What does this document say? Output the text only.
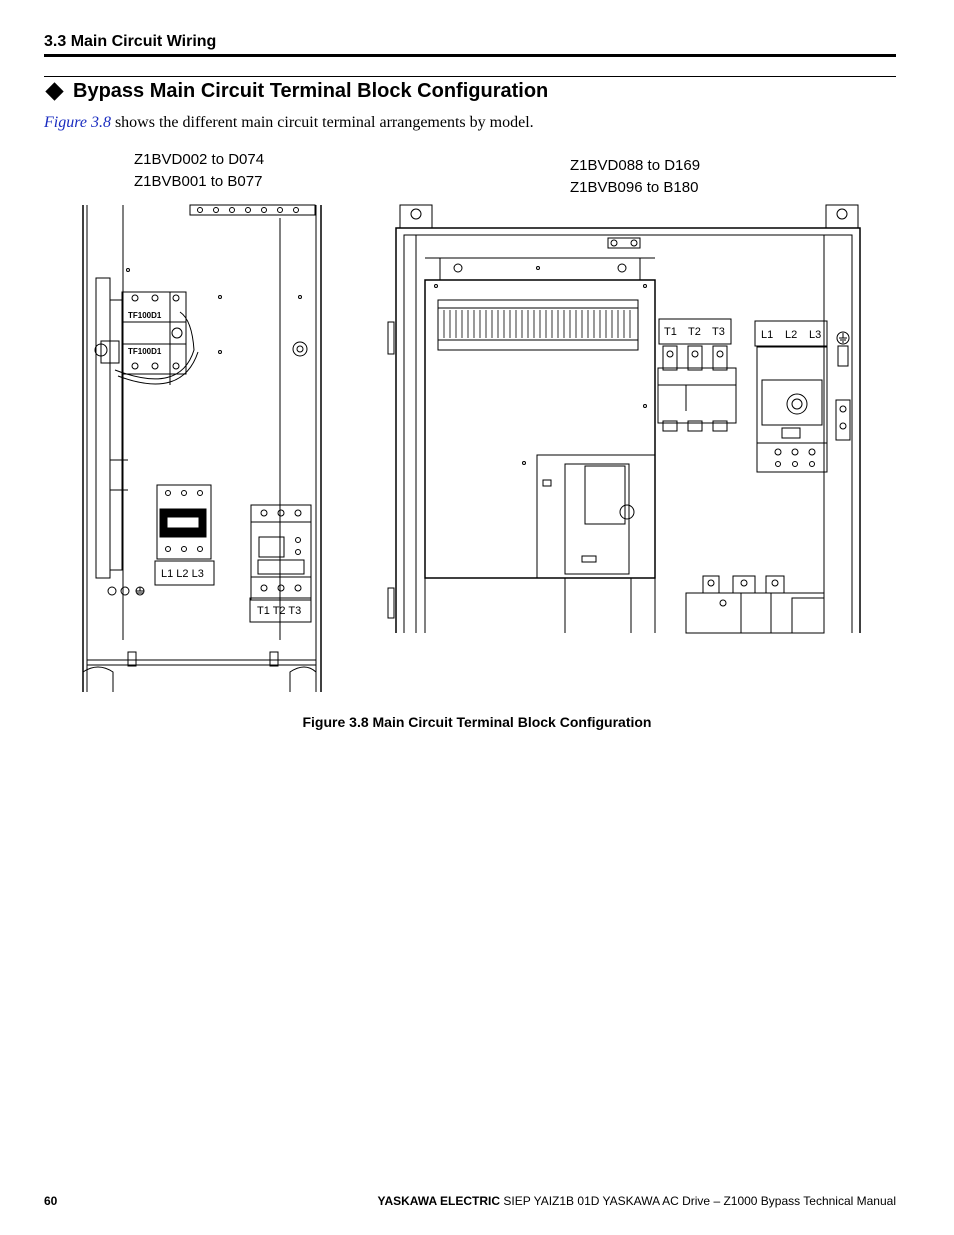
3.3 Main Circuit Wiring
Bypass Main Circuit Terminal Block Configuration
Figure 3.8 shows the different main circuit terminal arrangements by model.
Z1BVD002 to D074
Z1BVB001 to B077
Z1BVD088 to D169
Z1BVB096 to B180
TF100D1
TF100D1
L1 L2 L3
T1 T2 T3
T1 T2 T3	L1 L2 L3
Figure 3.8 Main Circuit Terminal Block Configuration
60	YASKAWA ELECTRIC SIEP YAIZ1B 01D YASKAWA AC Drive – Z1000 Bypass Technical Manual
